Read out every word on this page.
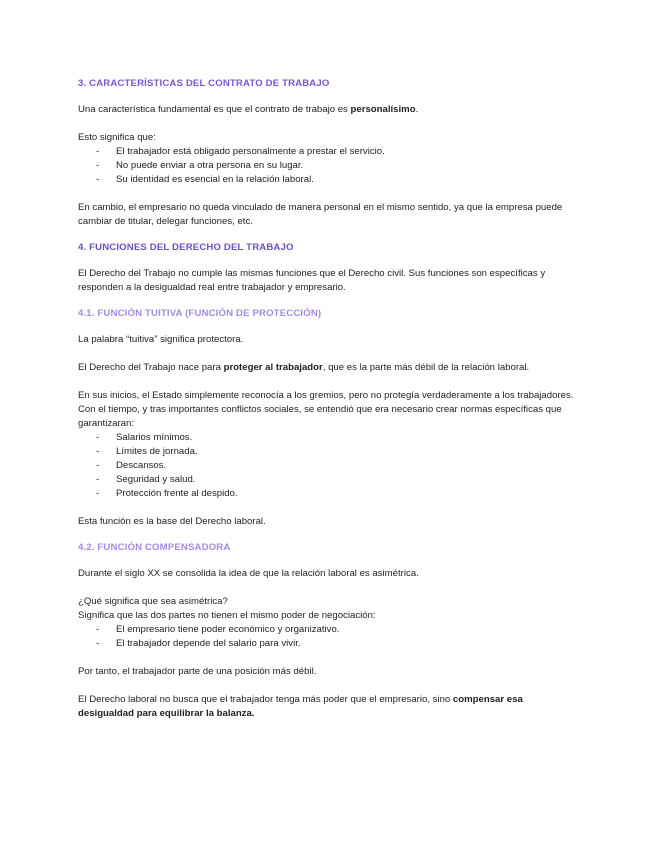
3. CARACTERÍSTICAS DEL CONTRATO DE TRABAJO

Una característica fundamental es que el contrato de trabajo es personalísimo.

Esto significa que:

- El trabajador está obligado personalmente a prestar el servicio.
- No puede enviar a otra persona en su lugar.
- Su identidad es esencial en la relación laboral.

En cambio, el empresario no queda vinculado de manera personal en el mismo sentido, ya que la empresa puede cambiar de titular, delegar funciones, etc.

4. FUNCIONES DEL DERECHO DEL TRABAJO

El Derecho del Trabajo no cumple las mismas funciones que el Derecho civil. Sus funciones son específicas y responden a la desigualdad real entre trabajador y empresario.

4.1. FUNCIÓN TUITIVA (FUNCIÓN DE PROTECCIÓN)

La palabra “tuitiva” significa protectora.

El Derecho del Trabajo nace para proteger al trabajador, que es la parte más débil de la relación laboral.

En sus inicios, el Estado simplemente reconocía a los gremios, pero no protegía verdaderamente a los trabajadores. Con el tiempo, y tras importantes conflictos sociales, se entendió que era necesario crear normas específicas que garantizaran:

- Salarios mínimos.
- Límites de jornada.
- Descansos.
- Seguridad y salud.
- Protección frente al despido.

Esta función es la base del Derecho laboral.

4.2. FUNCIÓN COMPENSADORA

Durante el siglo XX se consolida la idea de que la relación laboral es asimétrica.

¿Qué significa que sea asimétrica?

Significa que las dos partes no tienen el mismo poder de negociación:

- El empresario tiene poder económico y organizativo.
- El trabajador depende del salario para vivir.

Por tanto, el trabajador parte de una posición más débil.

El Derecho laboral no busca que el trabajador tenga más poder que el empresario, sino compensar esa desigualdad para equilibrar la balanza.
